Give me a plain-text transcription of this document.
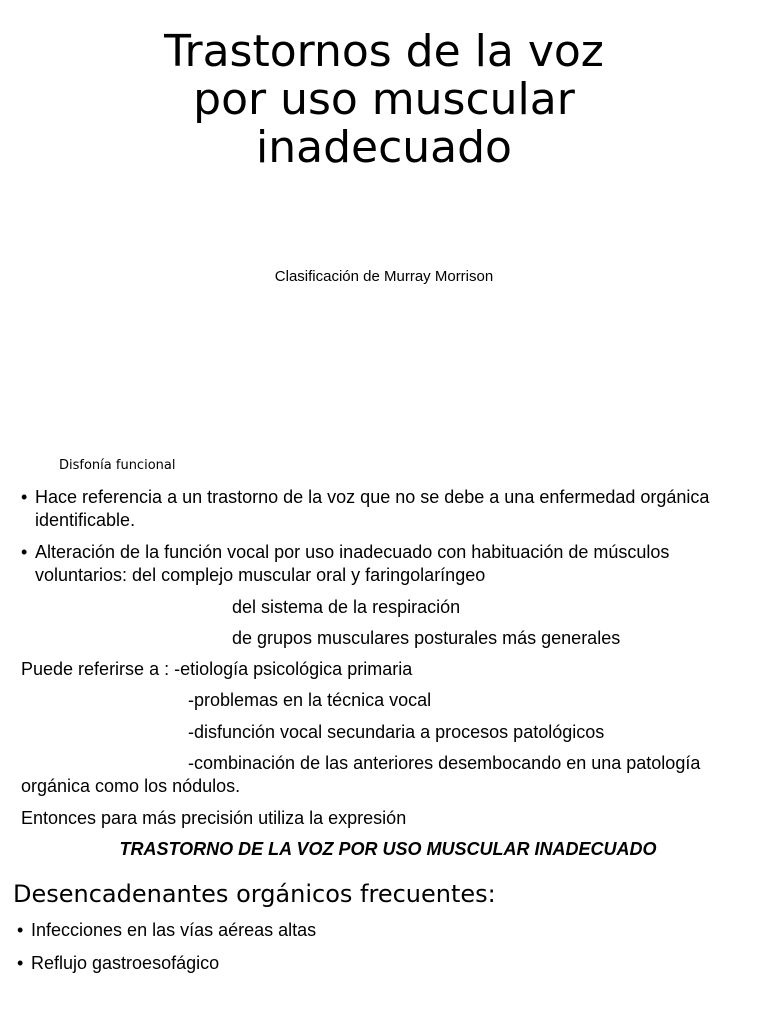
Trastornos de la voz
por uso muscular
inadecuado

Clasificación de Murray Morrison

Disfonía funcional

• Hace referencia a un trastorno de la voz que no se debe a una enfermedad orgánica identificable.
• Alteración de la función vocal por uso inadecuado con habituación de músculos voluntarios: del complejo muscular oral y faringolaríngeo

del sistema de la respiración

de grupos musculares posturales más generales

Puede referirse a : -etiología psicológica primaria

-problemas en la técnica vocal

-disfunción vocal secundaria a procesos patológicos

-combinación de las anteriores desembocando en una patología

orgánica como los nódulos.

Entonces para más precisión utiliza la expresión

TRASTORNO DE LA VOZ POR USO MUSCULAR INADECUADO

Desencadenantes orgánicos frecuentes:
• Infecciones en las vías aéreas altas
• Reflujo gastroesofágico
